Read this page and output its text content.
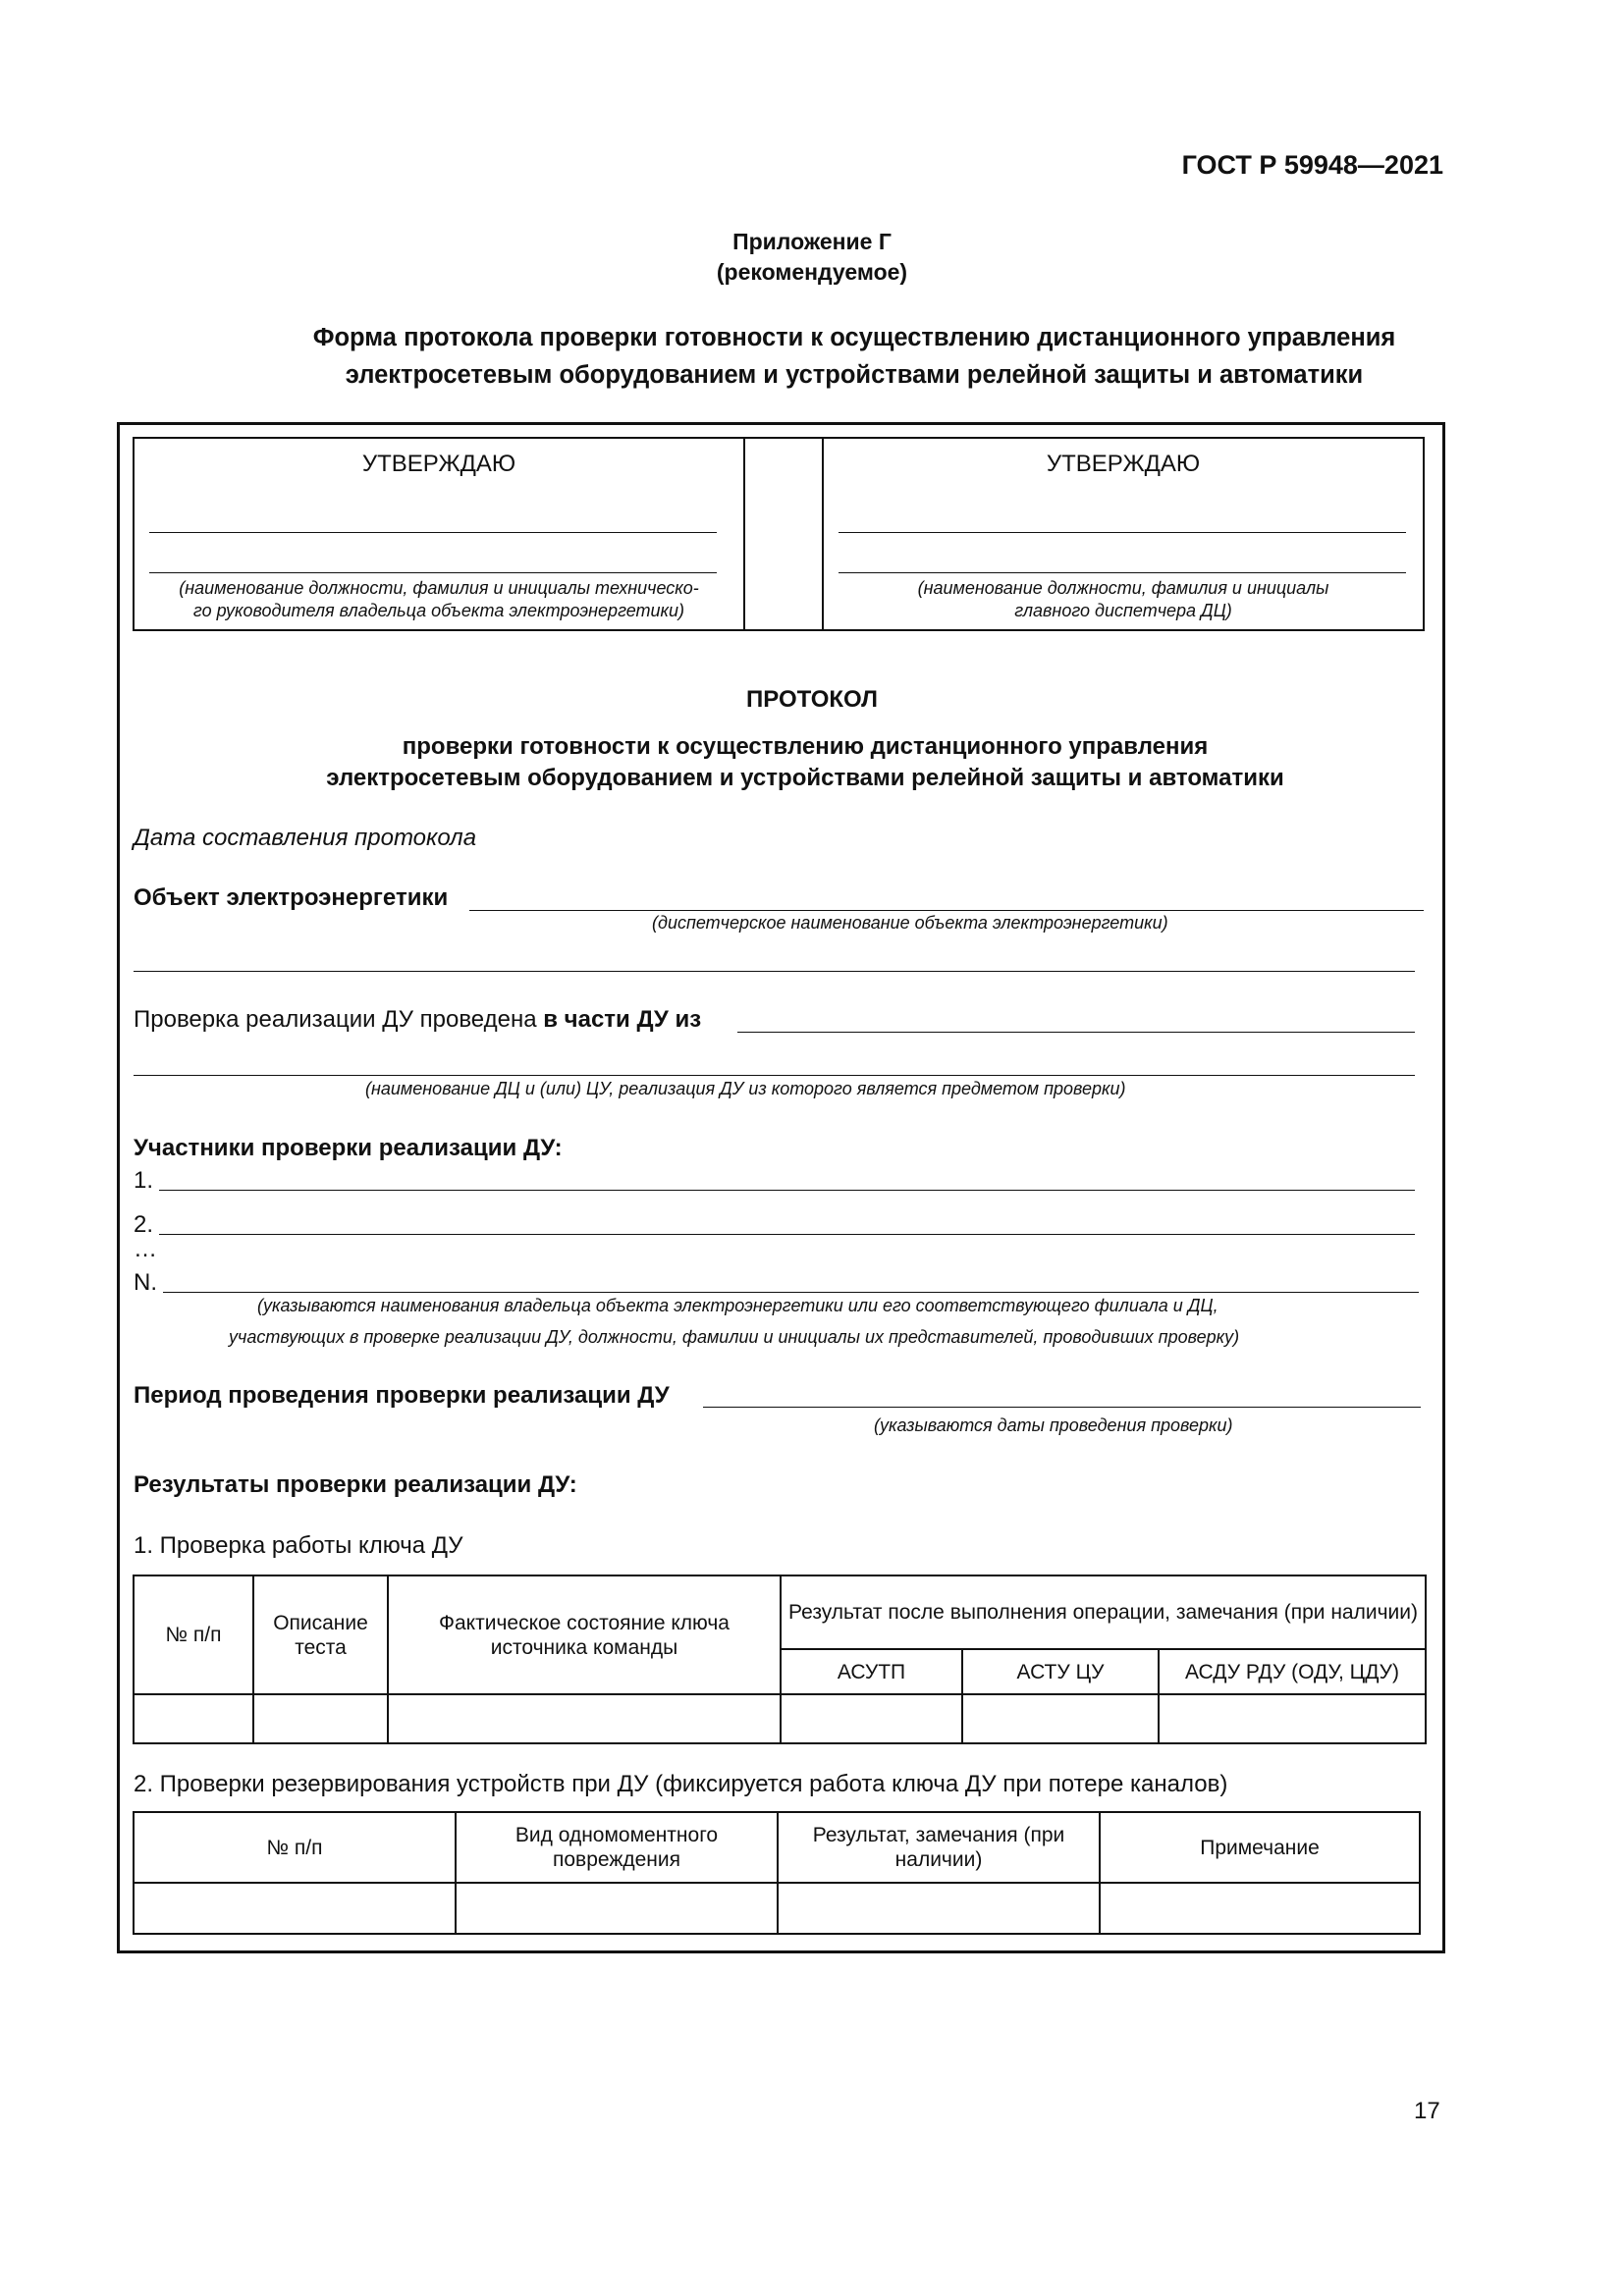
ГОСТ Р 59948—2021
Приложение Г
(рекомендуемое)
Форма протокола проверки готовности к осуществлению дистанционного управления
электросетевым оборудованием и устройствами релейной защиты и автоматики
УТВЕРЖДАЮ
(наименование должности, фамилия и инициалы техническо-
го руководителя владельца объекта электроэнергетики)
УТВЕРЖДАЮ
(наименование должности, фамилия и инициалы
главного диспетчера ДЦ)
ПРОТОКОЛ
проверки готовности к осуществлению дистанционного управления
электросетевым оборудованием и устройствами релейной защиты и автоматики
Дата составления протокола
Объект электроэнергетики
(диспетчерское наименование объекта электроэнергетики)
Проверка реализации ДУ проведена в части ДУ из
(наименование ДЦ и (или) ЦУ, реализация ДУ из которого является предметом проверки)
Участники проверки реализации ДУ:
1.
2.
…
N.
(указываются наименования владельца объекта электроэнергетики или его соответствующего филиала и ДЦ,
участвующих в проверке реализации ДУ, должности, фамилии и инициалы их представителей, проводивших проверку)
Период проведения проверки реализации ДУ
(указываются даты проведения проверки)
Результаты проверки реализации ДУ:
1. Проверка работы ключа ДУ
№ п/п	Описание теста	Фактическое состояние ключа источника команды	Результат после выполнения операции, замечания (при наличии)		
			АСУТП	АСТУ ЦУ	АСДУ РДУ (ОДУ, ЦДУ)

2. Проверки резервирования устройств при ДУ (фиксируется работа ключа ДУ при потере каналов)
№ п/п	Вид одномоментного повреждения	Результат, замечания (при наличии)	Примечание

17
